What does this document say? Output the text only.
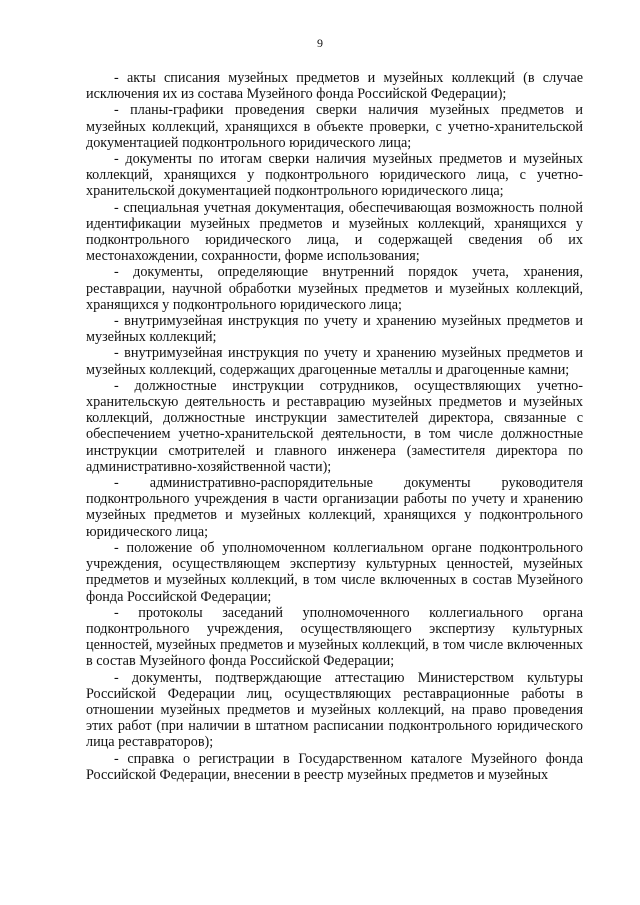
9

- акты списания музейных предметов и музейных коллекций (в случае исключения их из состава Музейного фонда Российской Федерации);

- планы-графики проведения сверки наличия музейных предметов и музейных коллекций, хранящихся в объекте проверки, с учетно-хранительской документацией подконтрольного юридического лица;

- документы по итогам сверки наличия музейных предметов и музейных коллекций, хранящихся у подконтрольного юридического лица, с учетно-хранительской документацией подконтрольного юридического лица;

- специальная учетная документация, обеспечивающая возможность полной идентификации музейных предметов и музейных коллекций, хранящихся у подконтрольного юридического лица, и содержащей сведения об их местонахождении, сохранности, форме использования;

- документы, определяющие внутренний порядок учета, хранения, реставрации, научной обработки музейных предметов и музейных коллекций, хранящихся у подконтрольного юридического лица;

- внутримузейная инструкция по учету и хранению музейных предметов и музейных коллекций;

- внутримузейная инструкция по учету и хранению музейных предметов и музейных коллекций, содержащих драгоценные металлы и драгоценные камни;

- должностные инструкции сотрудников, осуществляющих учетно-хранительскую деятельность и реставрацию музейных предметов и музейных коллекций, должностные инструкции заместителей директора, связанные с обеспечением учетно-хранительской деятельности, в том числе должностные инструкции смотрителей и главного инженера (заместителя директора по административно-хозяйственной части);

- административно-распорядительные документы руководителя подконтрольного учреждения в части организации работы по учету и хранению музейных предметов и музейных коллекций, хранящихся у подконтрольного юридического лица;

- положение об уполномоченном коллегиальном органе подконтрольного учреждения, осуществляющем экспертизу культурных ценностей, музейных предметов и музейных коллекций, в том числе включенных в состав Музейного фонда Российской Федерации;

- протоколы заседаний уполномоченного коллегиального органа подконтрольного учреждения, осуществляющего экспертизу культурных ценностей, музейных предметов и музейных коллекций, в том числе включенных в состав Музейного фонда Российской Федерации;

- документы, подтверждающие аттестацию Министерством культуры Российской Федерации лиц, осуществляющих реставрационные работы в отношении музейных предметов и музейных коллекций, на право проведения этих работ (при наличии в штатном расписании подконтрольного юридического лица реставраторов);

- справка о регистрации в Государственном каталоге Музейного фонда Российской Федерации, внесении в реестр музейных предметов и музейных
